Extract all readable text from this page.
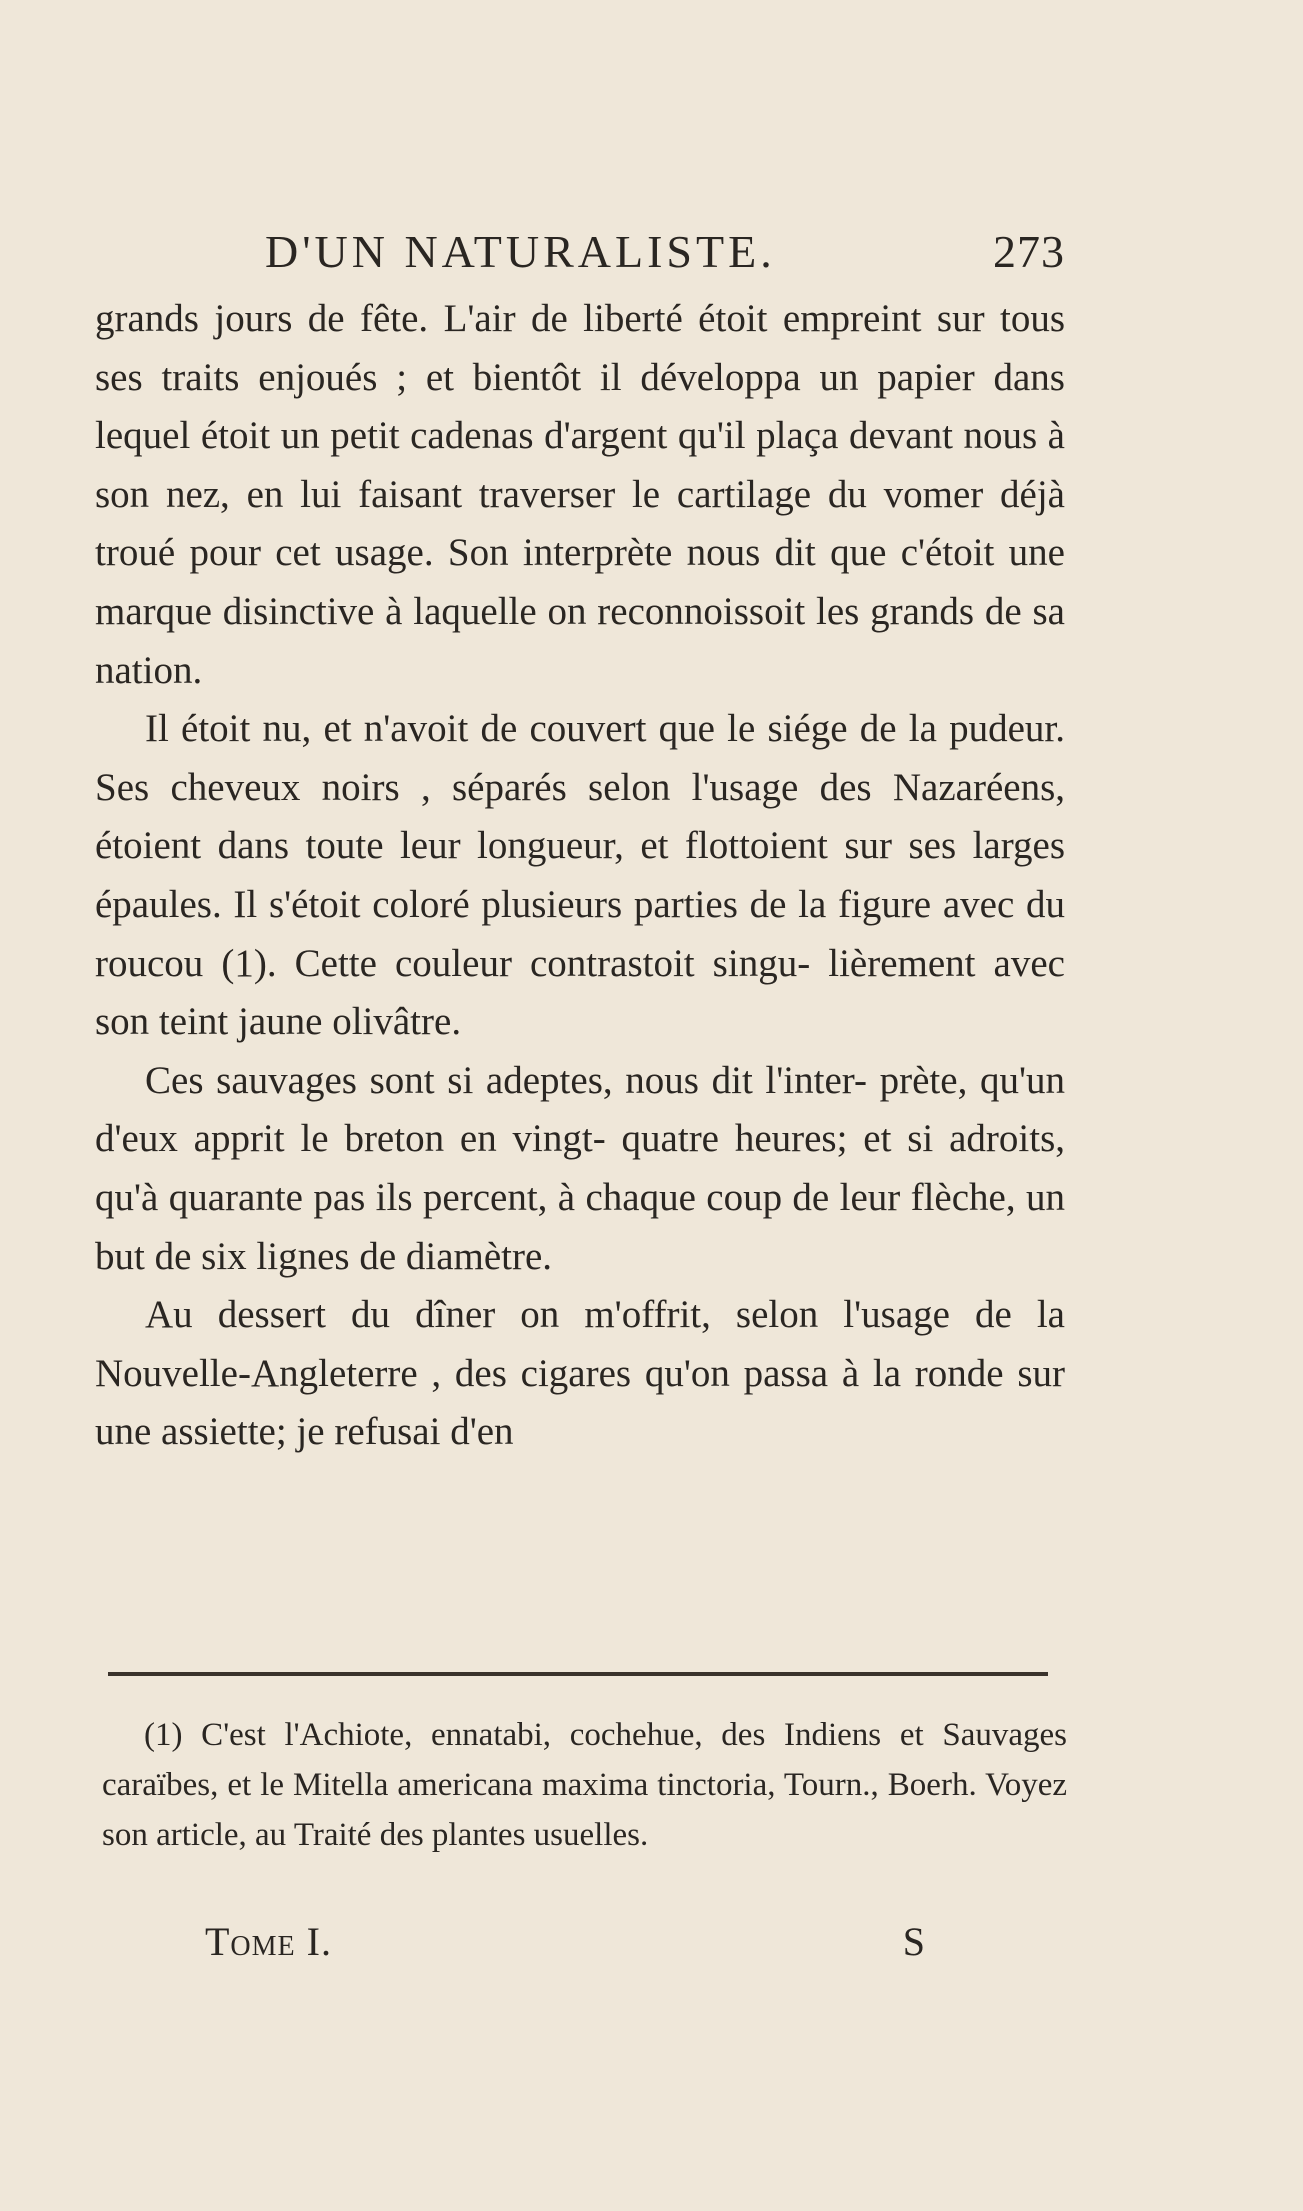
D'UN NATURALISTE.	273

grands jours de fête. L'air de liberté étoit empreint sur tous ses traits enjoués ; et bientôt il développa un papier dans lequel étoit un petit cadenas d'argent qu'il plaça devant nous à son nez, en lui faisant traverser le cartilage du vomer déjà troué pour cet usage. Son interprète nous dit que c'étoit une marque disinctive à laquelle on reconnoissoit les grands de sa nation.

Il étoit nu, et n'avoit de couvert que le siége de la pudeur. Ses cheveux noirs , séparés selon l'usage des Nazaréens, étoient dans toute leur longueur, et flottoient sur ses larges épaules. Il s'étoit coloré plusieurs parties de la figure avec du roucou (1). Cette couleur contrastoit singu- lièrement avec son teint jaune olivâtre.

Ces sauvages sont si adeptes, nous dit l'inter- prète, qu'un d'eux apprit le breton en vingt- quatre heures; et si adroits, qu'à quarante pas ils percent, à chaque coup de leur flèche, un but de six lignes de diamètre.

Au dessert du dîner on m'offrit, selon l'usage de la Nouvelle-Angleterre , des cigares qu'on passa à la ronde sur une assiette; je refusai d'en

(1) C'est l'Achiote, ennatabi, cochehue, des Indiens et Sauvages caraïbes, et le Mitella americana maxima tinctoria, Tourn., Boerh. Voyez son article, au Traité des plantes usuelles.

Tome I.	S
